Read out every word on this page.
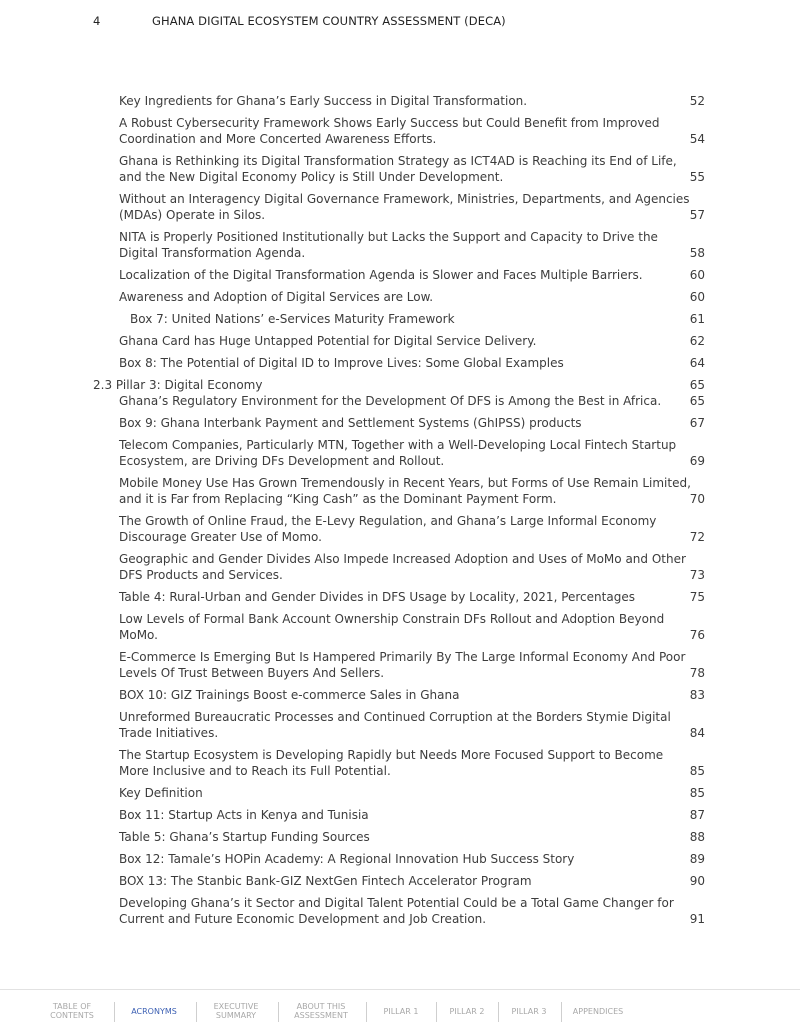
4	GHANA DIGITAL ECOSYSTEM COUNTRY ASSESSMENT (DECA)
Key Ingredients for Ghana’s Early Success in Digital Transformation.	52
A Robust Cybersecurity Framework Shows Early Success but Could Benefit from Improved Coordination and More Concerted Awareness Efforts.	54
Ghana is Rethinking its Digital Transformation Strategy as ICT4AD is Reaching its End of Life, and the New Digital Economy Policy is Still Under Development.	55
Without an Interagency Digital Governance Framework, Ministries, Departments, and Agencies (MDAs) Operate in Silos.	57
NITA is Properly Positioned Institutionally but Lacks the Support and Capacity to Drive the Digital Transformation Agenda.	58
Localization of the Digital Transformation Agenda is Slower and Faces Multiple Barriers.	60
Awareness and Adoption of Digital Services are Low.	60
Box 7: United Nations’ e-Services Maturity Framework	61
Ghana Card has Huge Untapped Potential for Digital Service Delivery.	62
Box 8: The Potential of Digital ID to Improve Lives: Some Global Examples	64
2.3 Pillar 3: Digital Economy	65
Ghana’s Regulatory Environment for the Development Of DFS is Among the Best in Africa.	65
Box 9: Ghana Interbank Payment and Settlement Systems (GhIPSS) products	67
Telecom Companies, Particularly MTN, Together with a Well-Developing Local Fintech Startup Ecosystem, are Driving DFs Development and Rollout.	69
Mobile Money Use Has Grown Tremendously in Recent Years, but Forms of Use Remain Limited, and it is Far from Replacing “King Cash” as the Dominant Payment Form.	70
The Growth of Online Fraud, the E-Levy Regulation, and Ghana’s Large Informal Economy Discourage Greater Use of Momo.	72
Geographic and Gender Divides Also Impede Increased Adoption and Uses of MoMo and Other DFS Products and Services.	73
Table 4: Rural-Urban and Gender Divides in DFS Usage by Locality, 2021, Percentages	75
Low Levels of Formal Bank Account Ownership Constrain DFs Rollout and Adoption Beyond MoMo.	76
E-Commerce Is Emerging But Is Hampered Primarily By The Large Informal Economy And Poor Levels Of Trust Between Buyers And Sellers.	78
BOX 10: GIZ Trainings Boost e-commerce Sales in Ghana	83
Unreformed Bureaucratic Processes and Continued Corruption at the Borders Stymie Digital Trade Initiatives.	84
The Startup Ecosystem is Developing Rapidly but Needs More Focused Support to Become More Inclusive and to Reach its Full Potential.	85
Key Definition	85
Box 11: Startup Acts in Kenya and Tunisia	87
Table 5: Ghana’s Startup Funding Sources	88
Box 12: Tamale’s HOPin Academy: A Regional Innovation Hub Success Story	89
BOX 13: The Stanbic Bank-GIZ NextGen Fintech Accelerator Program	90
Developing Ghana’s it Sector and Digital Talent Potential Could be a Total Game Changer for Current and Future Economic Development and Job Creation.	91
TABLE OF
CONTENTS	ACRONYMS
EXECUTIVE
SUMMARY
ABOUT THIS
ASSESSMENT	PILLAR 1	PILLAR 2	PILLAR 3	APPENDICES
